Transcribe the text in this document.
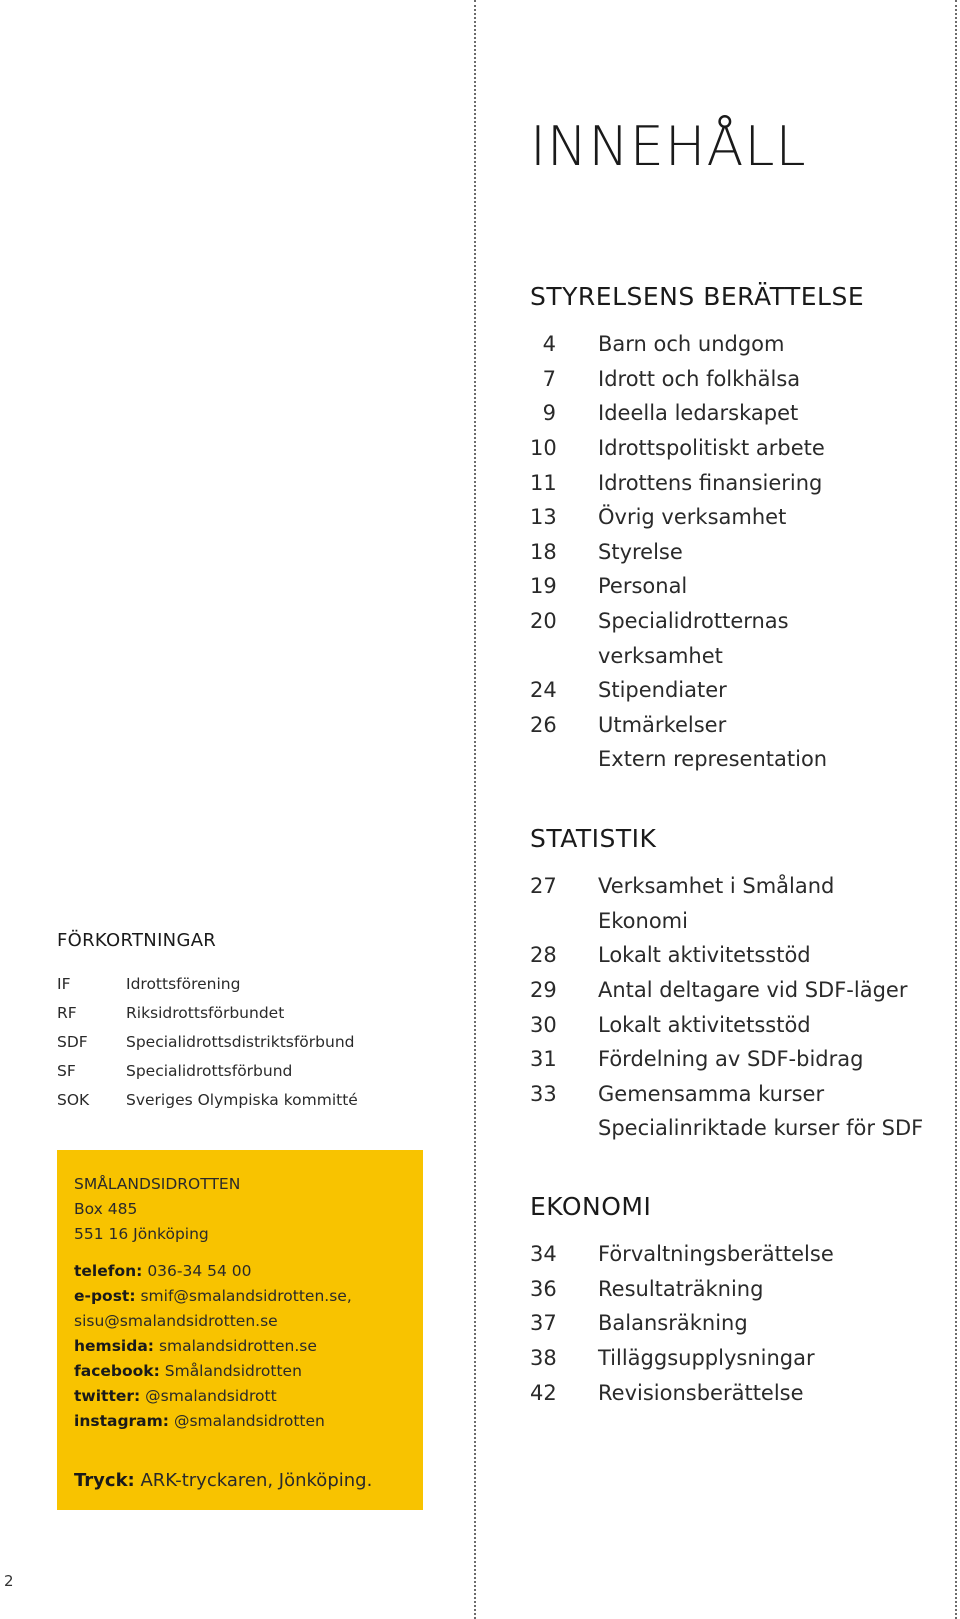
INNEHÅLL
STYRELSENS BERÄTTELSE
4 Barn och undgom
7 Idrott och folkhälsa
9 Ideella ledarskapet
10 Idrottspolitiskt arbete
11 Idrottens finansiering
13 Övrig verksamhet
18 Styrelse
19 Personal
20 Specialidrotternas
verksamhet
24 Stipendiater
26 Utmärkelser
Extern representation
STATISTIK
27 Verksamhet i Småland
Ekonomi
28 Lokalt aktivitetsstöd
29 Antal deltagare vid SDF-läger
30 Lokalt aktivitetsstöd
31 Fördelning av SDF-bidrag
33 Gemensamma kurser
Specialinriktade kurser för SDF
EKONOMI
34 Förvaltningsberättelse
36 Resultaträkning
37 Balansräkning
38 Tilläggsupplysningar
42 Revisionsberättelse
FÖRKORTNINGAR
IF	Idrottsförening
RF	Riksidrottsförbundet
SDF	Specialidrottsdistriktsförbund
SF	Specialidrottsförbund
SOK	Sveriges Olympiska kommitté
SMÅLANDSIDROTTEN
Box 485
551 16 Jönköping
telefon: 036-34 54 00
e-post: smif@smalandsidrotten.se,
sisu@smalandsidrotten.se
hemsida: smalandsidrotten.se
facebook: Smålandsidrotten
twitter: @smalandsidrott
instagram: @smalandsidrotten
Tryck: ARK-tryckaren, Jönköping.
2
